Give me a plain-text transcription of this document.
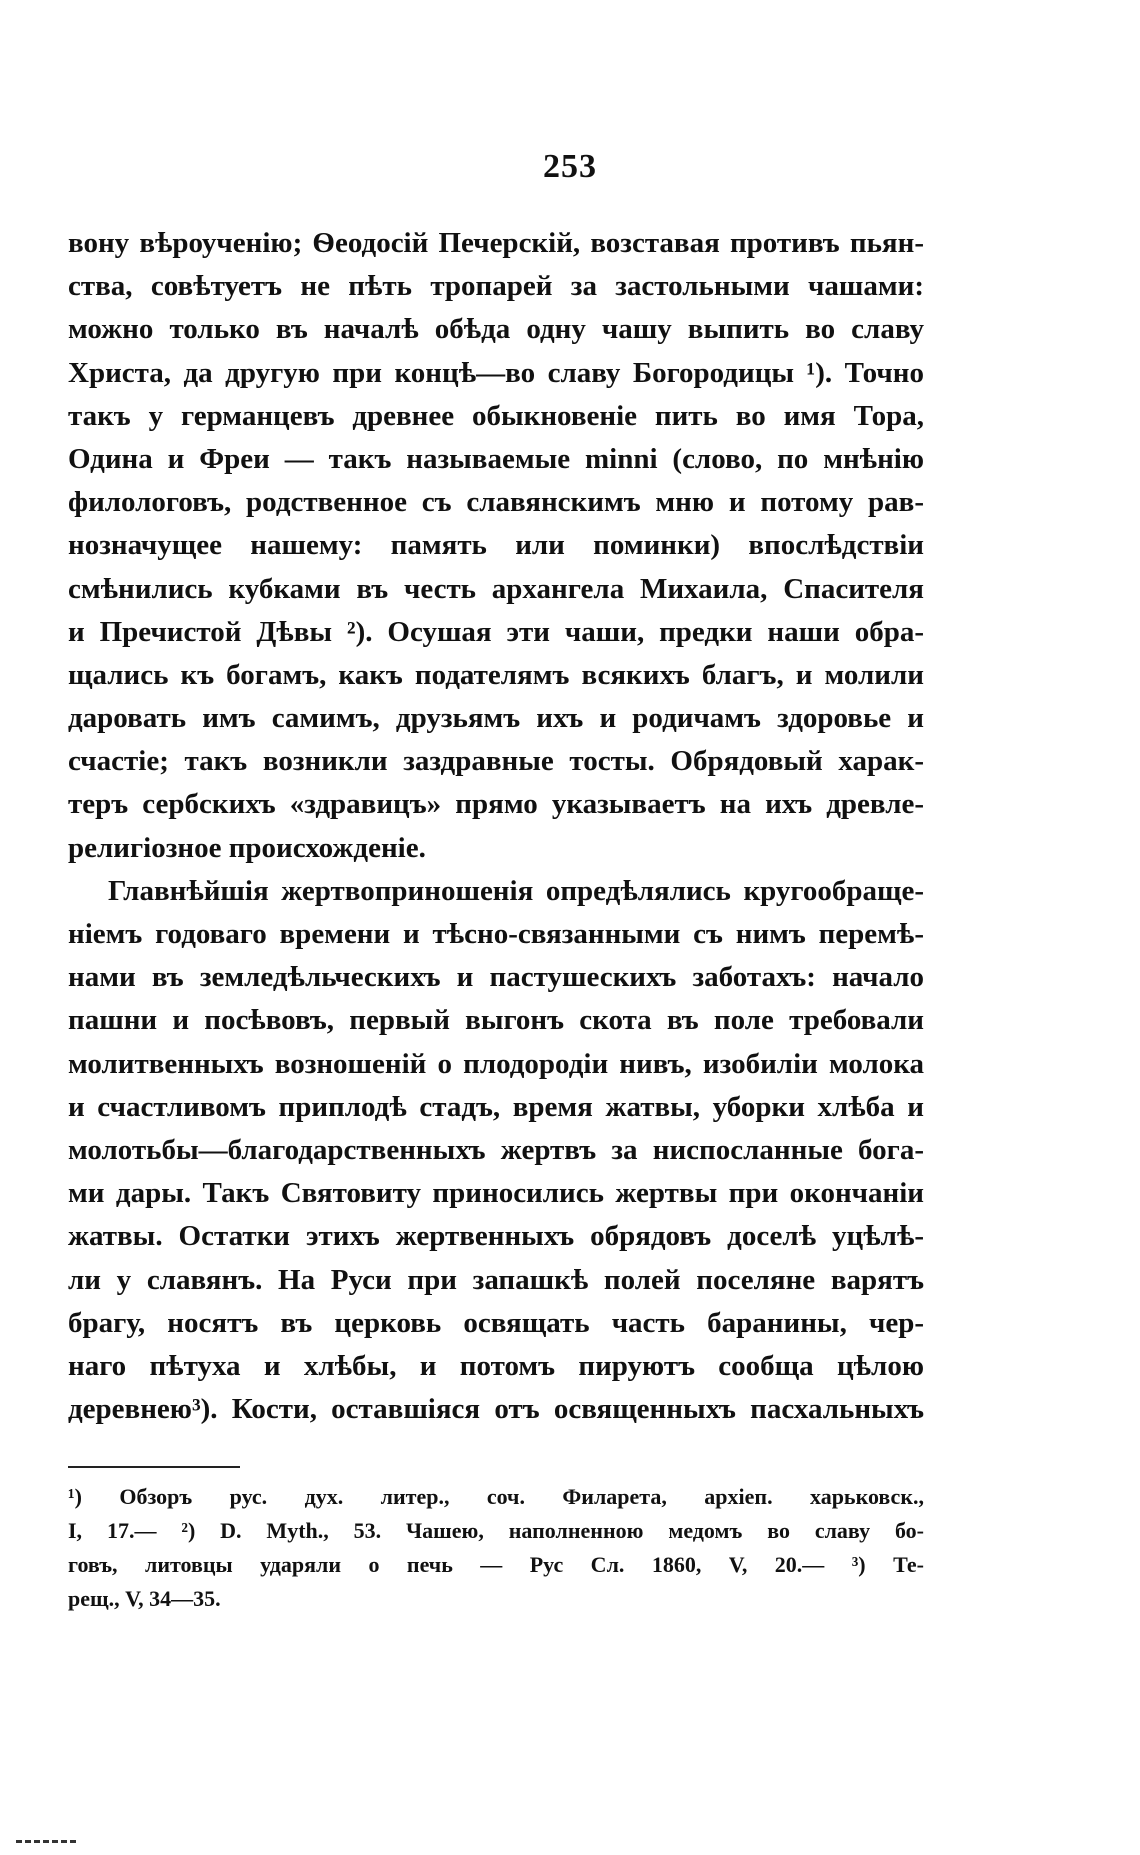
253
вону вѣроученію; Ѳеодосій Печерскій, возставая противъ пьян-
ства, совѣтуетъ не пѣть тропарей за застольными чашами:
можно только въ началѣ обѣда одну чашу выпить во славу
Христа, да другую при концѣ—во славу Богородицы ¹). Точно
такъ у германцевъ древнее обыкновеніе пить во имя Тора,
Одина и Фреи — такъ называемые minni (слово, по мнѣнію
филологовъ, родственное съ славянскимъ мню и потому рав-
нозначущее нашему: память или поминки) впослѣдствіи
смѣнились кубками въ честь архангела Михаила, Спасителя
и Пречистой Дѣвы ²). Осушая эти чаши, предки наши обра-
щались къ богамъ, какъ подателямъ всякихъ благъ, и молили
даровать имъ самимъ, друзьямъ ихъ и родичамъ здоровье и
счастіе; такъ возникли заздравные тосты. Обрядовый харак-
теръ сербскихъ «здравицъ» прямо указываетъ на ихъ древле-
религіозное происхожденіе.
Главнѣйшія жертвоприношенія опредѣлялись кругообраще-
ніемъ годоваго времени и тѣсно-связанными съ нимъ перемѣ-
нами въ земледѣльческихъ и пастушескихъ заботахъ: начало
пашни и посѣвовъ, первый выгонъ скота въ поле требовали
молитвенныхъ возношеній о плодородіи нивъ, изобиліи молока
и счастливомъ приплодѣ стадъ, время жатвы, уборки хлѣба и
молотьбы—благодарственныхъ жертвъ за ниспосланные бога-
ми дары. Такъ Святовиту приносились жертвы при окончаніи
жатвы. Остатки этихъ жертвенныхъ обрядовъ доселѣ уцѣлѣ-
ли у славянъ. На Руси при запашкѣ полей поселяне варятъ
брагу, носятъ въ церковь освящать часть баранины, чер-
наго пѣтуха и хлѣбы, и потомъ пируютъ сообща цѣлою
деревнею³). Кости, оставшіяся отъ освященныхъ пасхальныхъ
¹) Обзоръ рус. дух. литер., соч. Филарета, архіеп. харьковск.,
I, 17.— ²) D. Myth., 53. Чашею, наполненною медомъ во славу бо-
говъ, литовцы ударяли о печь — Рус Сл. 1860, V, 20.— ³) Те-
рещ., V, 34—35.
